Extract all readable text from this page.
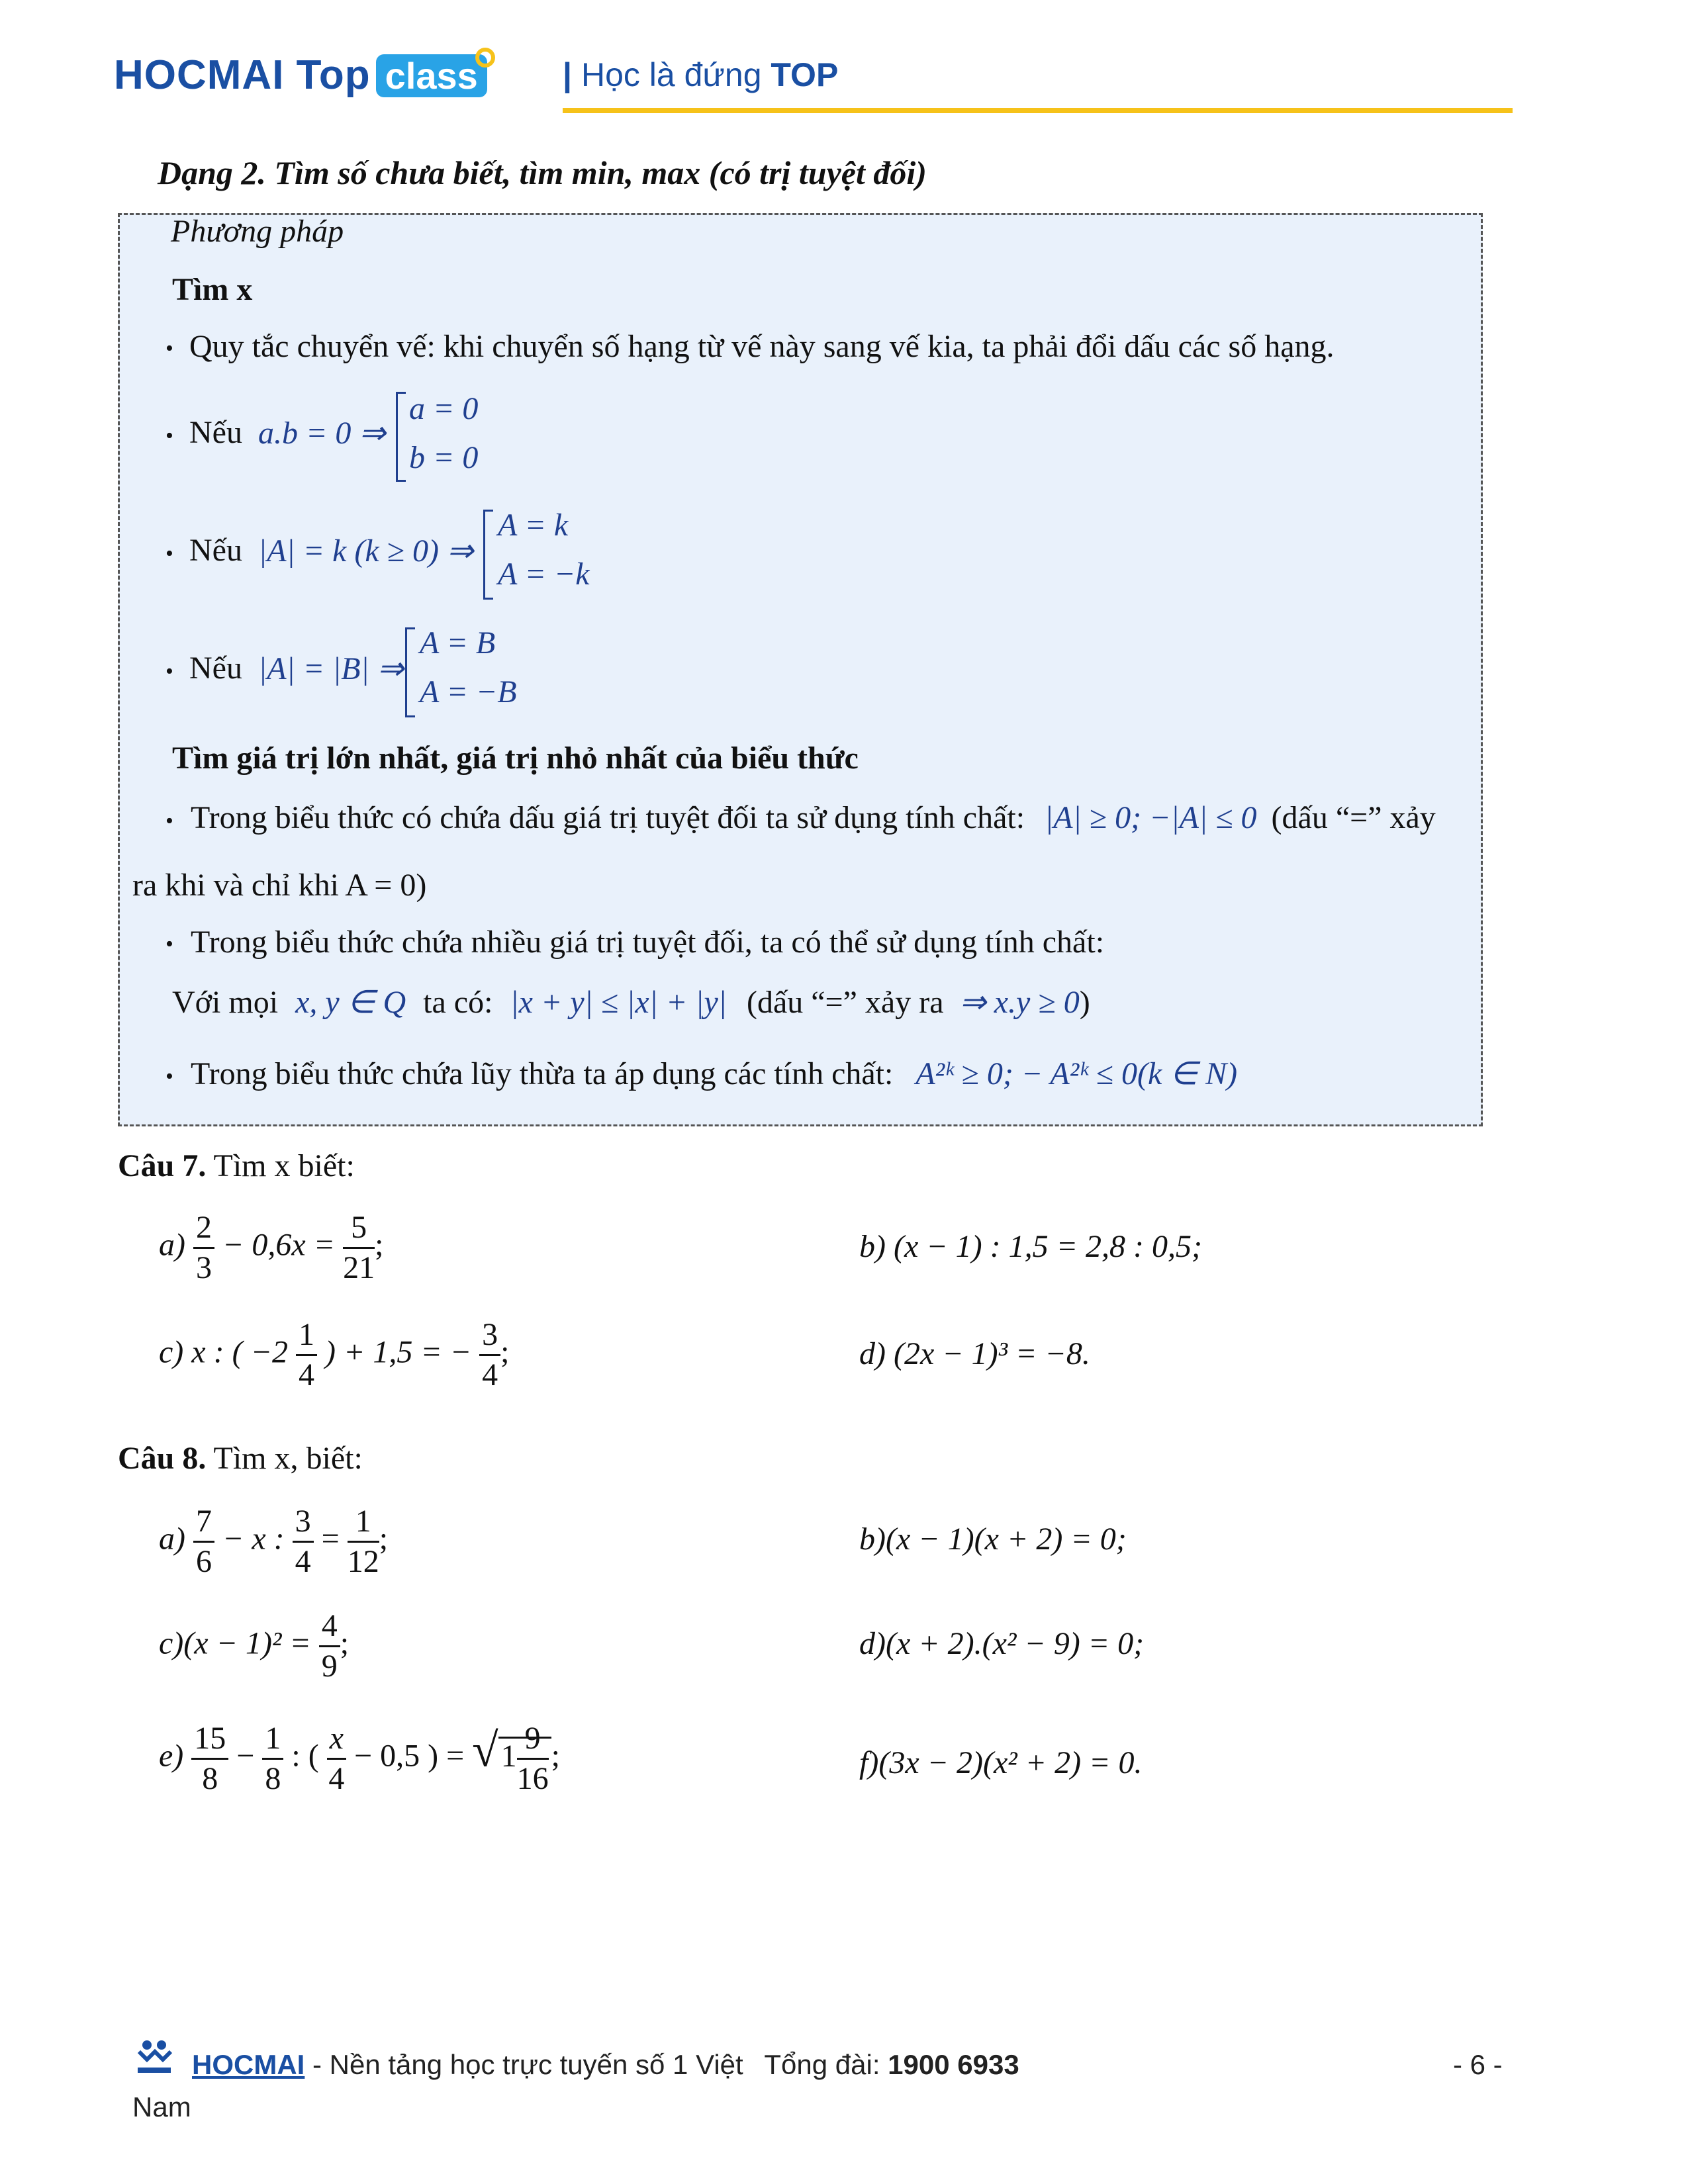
HOCMAI Top class	| Học là đứng TOP
Dạng 2. Tìm số chưa biết, tìm min, max (có trị tuyệt đối)
Phương pháp
Tìm x
• Quy tắc chuyển vế: khi chuyển số hạng từ vế này sang vế kia, ta phải đổi dấu các số hạng.
• Nếu a.b = 0 ⇒
a = 0
b = 0
• Nếu |A| = k (k ≥ 0) ⇒
A = k
A = −k
• Nếu |A| = |B| ⇒
A = B
A = −B
Tìm giá trị lớn nhất, giá trị nhỏ nhất của biểu thức
• Trong biểu thức có chứa dấu giá trị tuyệt đối ta sử dụng tính chất: |A| ≥ 0; −|A| ≤ 0 (dấu “=” xảy
ra khi và chỉ khi A = 0)
• Trong biểu thức chứa nhiều giá trị tuyệt đối, ta có thể sử dụng tính chất:
Với mọi x, y ∈ Q ta có: |x + y| ≤ |x| + |y| (dấu “=” xảy ra ⇒ x.y ≥ 0)
• Trong biểu thức chứa lũy thừa ta áp dụng các tính chất: A²ᵏ ≥ 0; − A²ᵏ ≤ 0(k ∈ N)
Câu 7. Tìm x biết:
$a) \frac{2}{3} - 0,6x = \frac{5}{21}$ ;	b) (x − 1) : 1,5 = 2,8 : 0,5;
c) x : ( $-2 \frac{1}{4}$ ) + 1,5 = − $\frac{3}{4}$ ;	d) (2x − 1)³ = −8.
Câu 8. Tìm x, biết:
$a) \frac{7}{6} - x$ : $\frac{3}{4} = \frac{1}{12}$ ;	b)(x − 1)(x + 2) = 0;
$c)(x - 1)^2 = \frac{4}{9}$ ;	d)(x + 2).(x² − 9) = 0;
$e) \frac{15}{8} - \frac{1}{8}$ : ( $\frac{x}{4} - 0,5$ ) = $√1 \frac{9}{16}$ ;	f)(3x − 2)(x² + 2) = 0.
HOCMAI - Nền tảng học trực tuyến số 1 Việt Tổng đài: 1900 6933	- 6 -
Nam
